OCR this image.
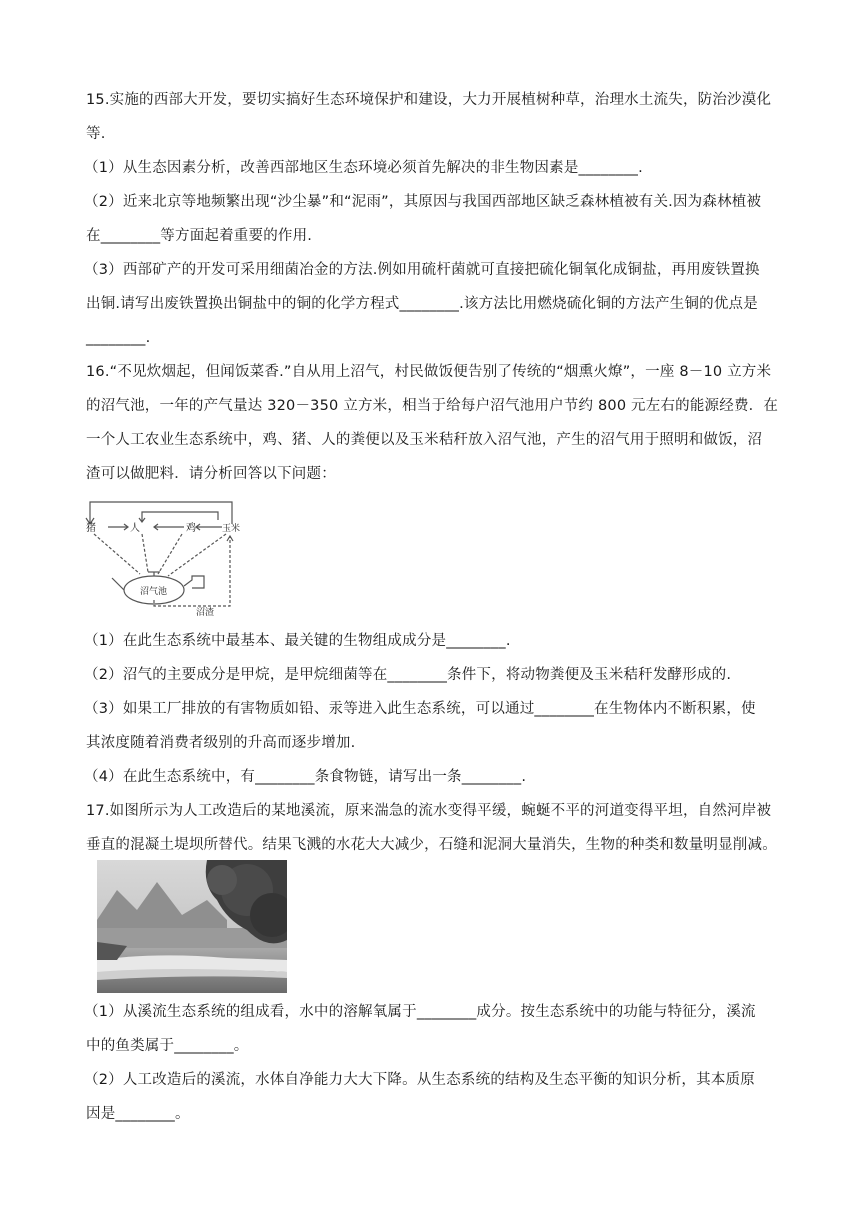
15.实施的西部大开发，要切实搞好生态环境保护和建设，大力开展植树种草，治理水土流失，防治沙漠化
等.
（1）从生态因素分析，改善西部地区生态环境必须首先解决的非生物因素是________.
（2）近来北京等地频繁出现“沙尘暴”和“泥雨”，其原因与我国西部地区缺乏森林植被有关.因为森林植被
在________等方面起着重要的作用.
（3）西部矿产的开发可采用细菌冶金的方法.例如用硫杆菌就可直接把硫化铜氧化成铜盐，再用废铁置换
出铜.请写出废铁置换出铜盐中的铜的化学方程式________.该方法比用燃烧硫化铜的方法产生铜的优点是
________.
16.“不见炊烟起，但闻饭菜香.”自从用上沼气，村民做饭便告别了传统的“烟熏火燎”，一座 8－10 立方米
的沼气池，一年的产气量达 320－350 立方米，相当于给每户沼气池用户节约 800 元左右的能源经费．在
一个人工农业生态系统中，鸡、猪、人的粪便以及玉米秸秆放入沼气池，产生的沼气用于照明和做饭，沼
渣可以做肥料．请分析回答以下问题：
猪	人	鸡	玉米
沼气池
沼渣
（1）在此生态系统中最基本、最关键的生物组成成分是________.
（2）沼气的主要成分是甲烷，是甲烷细菌等在________条件下，将动物粪便及玉米秸秆发酵形成的.
（3）如果工厂排放的有害物质如铅、汞等进入此生态系统，可以通过________在生物体内不断积累，使
其浓度随着消费者级别的升高而逐步增加.
（4）在此生态系统中，有________条食物链，请写出一条________.
17.如图所示为人工改造后的某地溪流，原来湍急的流水变得平缓，蜿蜒不平的河道变得平坦，自然河岸被
垂直的混凝土堤坝所替代。结果飞溅的水花大大减少，石缝和泥洞大量消失，生物的种类和数量明显削减。
（1）从溪流生态系统的组成看，水中的溶解氧属于________成分。按生态系统中的功能与特征分，溪流
中的鱼类属于________。
（2）人工改造后的溪流，水体自净能力大大下降。从生态系统的结构及生态平衡的知识分析，其本质原
因是________。
